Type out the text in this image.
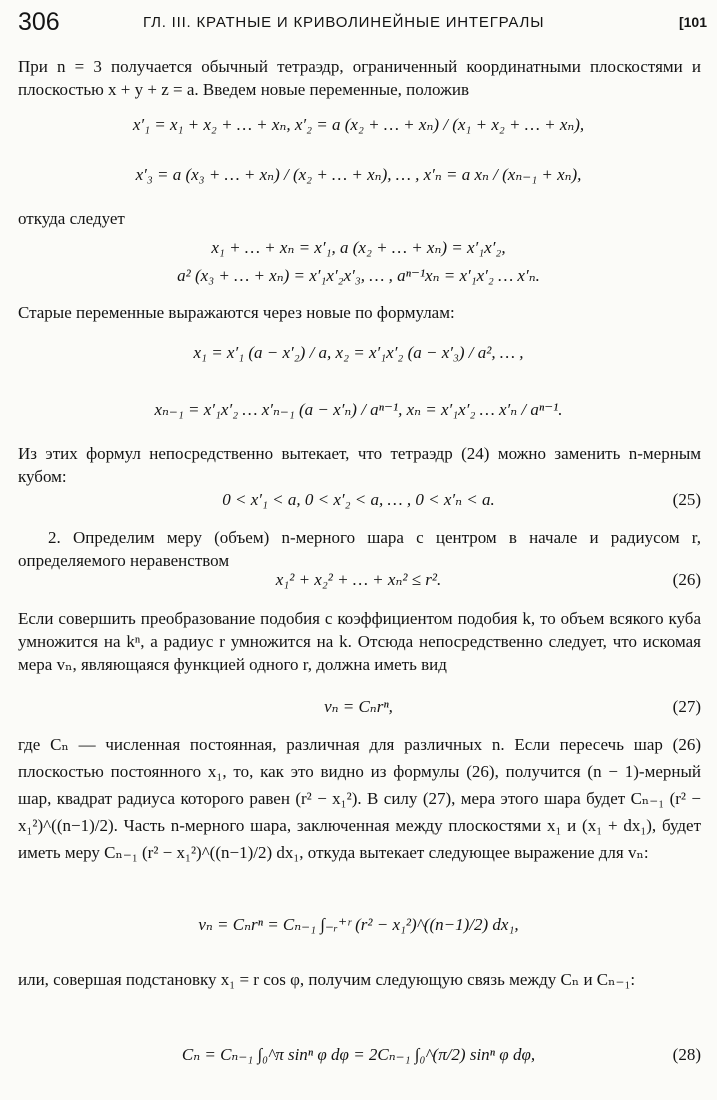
306	ГЛ. III. КРАТНЫЕ И КРИВОЛИНЕЙНЫЕ ИНТЕГРАЛЫ	[101
При n = 3 получается обычный тетраэдр, ограниченный координатными плоскостями и плоскостью x + y + z = a. Введем новые переменные, положив
x′₁ = x₁ + x₂ + … + xₙ, x′₂ = a (x₂ + … + xₙ) / (x₁ + x₂ + … + xₙ),
x′₃ = a (x₃ + … + xₙ) / (x₂ + … + xₙ), … , x′ₙ = a xₙ / (xₙ₋₁ + xₙ),
откуда следует
x₁ + … + xₙ = x′₁, a (x₂ + … + xₙ) = x′₁x′₂,
a² (x₃ + … + xₙ) = x′₁x′₂x′₃, … , aⁿ⁻¹xₙ = x′₁x′₂ … x′ₙ.
Старые переменные выражаются через новые по формулам:
x₁ = x′₁ (a − x′₂) / a, x₂ = x′₁x′₂ (a − x′₃) / a², … ,
xₙ₋₁ = x′₁x′₂ … x′ₙ₋₁ (a − x′ₙ) / aⁿ⁻¹, xₙ = x′₁x′₂ … x′ₙ / aⁿ⁻¹.
Из этих формул непосредственно вытекает, что тетраэдр (24) можно заменить n-мерным кубом:
0 < x′₁ < a, 0 < x′₂ < a, … , 0 < x′ₙ < a.	(25)
2. Определим меру (объем) n-мерного шара с центром в начале и радиусом r, определяемого неравенством
x₁² + x₂² + … + xₙ² ≤ r².	(26)
Если совершить преобразование подобия с коэффициентом подобия k, то объем всякого куба умножится на kⁿ, а радиус r умножится на k. Отсюда непосредственно следует, что искомая мера vₙ, являющаяся функцией одного r, должна иметь вид
vₙ = Cₙrⁿ,	(27)
где Cₙ — численная постоянная, различная для различных n. Если пересечь шар (26) плоскостью постоянного x₁, то, как это видно из формулы (26), получится (n − 1)-мерный шар, квадрат радиуса которого равен (r² − x₁²). В силу (27), мера этого шара будет Cₙ₋₁ (r² − x₁²)^((n−1)/2). Часть n-мерного шара, заключенная между плоскостями x₁ и (x₁ + dx₁), будет иметь меру Cₙ₋₁ (r² − x₁²)^((n−1)/2) dx₁, откуда вытекает следующее выражение для vₙ:
vₙ = Cₙrⁿ = Cₙ₋₁ ∫₋ᵣ⁺ʳ (r² − x₁²)^((n−1)/2) dx₁,
или, совершая подстановку x₁ = r cos φ, получим следующую связь между Cₙ и Cₙ₋₁:
Cₙ = Cₙ₋₁ ∫₀^π sinⁿ φ dφ = 2Cₙ₋₁ ∫₀^(π/2) sinⁿ φ dφ,	(28)
